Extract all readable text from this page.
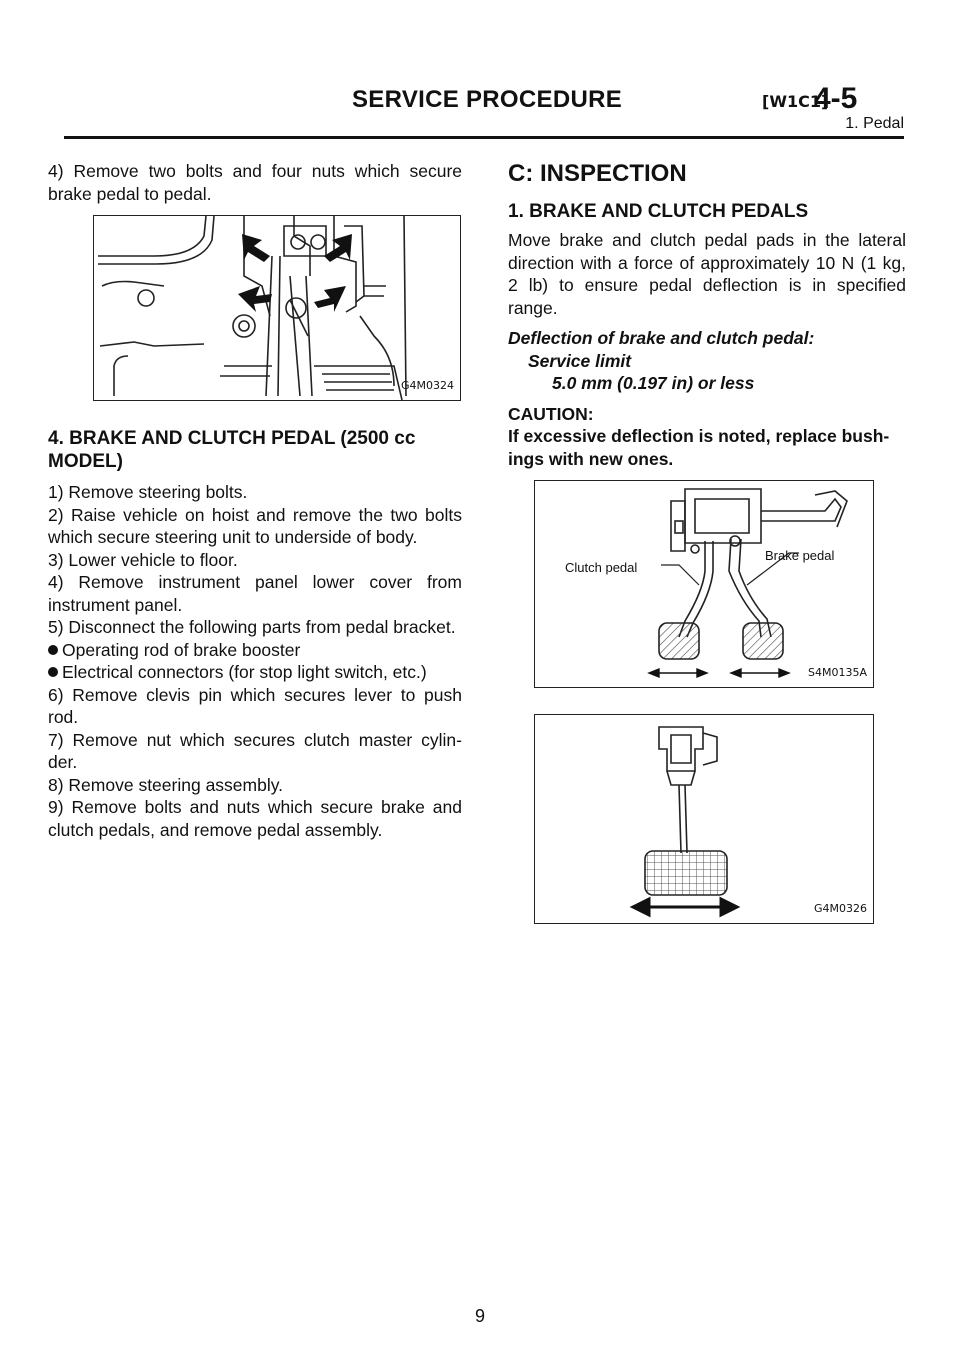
SERVICE PROCEDURE	[W1C1]
4-5
1. Pedal

4) Remove two bolts and four nuts which secure brake pedal to pedal.

G4M0324

4. BRAKE AND CLUTCH PEDAL (2500 cc MODEL)

1) Remove steering bolts.

2) Raise vehicle on hoist and remove the two bolts which secure steering unit to underside of body.

3) Lower vehicle to floor.

4) Remove instrument panel lower cover from instrument panel.

5) Disconnect the following parts from pedal bracket.

Operating rod of brake booster

Electrical connectors (for stop light switch, etc.)

6) Remove clevis pin which secures lever to push rod.

7) Remove nut which secures clutch master cylin-der.

8) Remove steering assembly.

9) Remove bolts and nuts which secure brake and clutch pedals, and remove pedal assembly.

C: INSPECTION

1. BRAKE AND CLUTCH PEDALS

Move brake and clutch pedal pads in the lateral direction with a force of approximately 10 N (1 kg, 2 lb) to ensure pedal deflection is in specified range.

Deflection of brake and clutch pedal:

Service limit

5.0 mm (0.197 in) or less

CAUTION:

If excessive deflection is noted, replace bush-ings with new ones.

Clutch pedal
Brake pedal
S4M0135A
G4M0326
9
